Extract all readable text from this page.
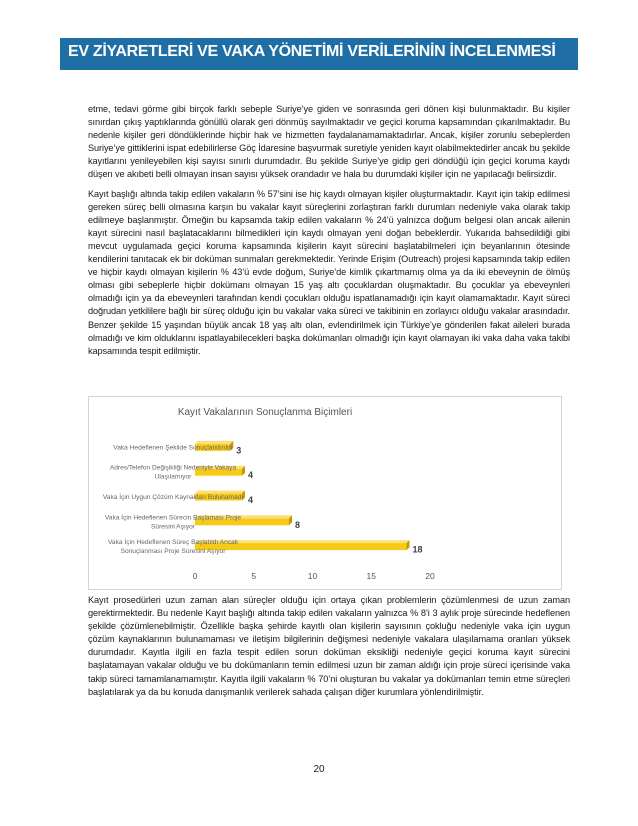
EV ZİYARETLERİ VE VAKA YÖNETİMİ VERİLERİNİN İNCELENMESİ

etme, tedavi görme gibi birçok farklı sebeple Suriye’ye giden ve sonrasında geri dönen kişi bulunmaktadır. Bu kişiler sınırdan çıkış yaptıklarında gönüllü olarak geri dönmüş sayılmaktadır ve geçici koruma kapsamından çıkarılmaktadır. Bu nedenle kişiler geri döndüklerinde hiçbir hak ve hizmetten faydalanamamaktadırlar. Ancak, kişiler zorunlu sebeplerden Suriye’ye gittiklerini ispat edebilirlerse Göç İdaresine başvurmak suretiyle yeniden kayıt olabilmektedirler ancak bu şekilde kayıtlarını yenileyebilen kişi sayısı sınırlı durumdadır. Bu şekilde Suriye’ye gidip geri döndüğü için geçici koruma kaydı düşen ve akıbeti belli olmayan insan sayısı yüksek orandadır ve hala bu durumdaki kişiler için ne yapılacağı belirsizdir.

Kayıt başlığı altında takip edilen vakaların % 57’sini ise hiç kaydı olmayan kişiler oluşturmaktadır. Kayıt için takip edilmesi gereken süreç belli olmasına karşın bu vakalar kayıt süreçlerini zorlaştıran farklı durumları nedeniyle vaka olarak takip edilmeye başlanmıştır. Örneğin bu kapsamda takip edilen vakaların % 24’ü yalnızca doğum belgesi olan ancak ailenin kayıt sürecini nasıl başlatacaklarını bilmedikleri için kaydı olmayan yeni doğan bebeklerdir. Yukarıda bahsedildiği gibi mevcut uygulamada geçici koruma kapsamında kişilerin kayıt sürecini başlatabilmeleri için beyanlarının ötesinde kendilerini tanıtacak ek bir doküman sunmaları gerekmektedir. Yerinde Erişim (Outreach) projesi kapsamında takip edilen ve hiçbir kaydı olmayan kişilerin % 43’ü evde doğum, Suriye’de kimlik çıkartmamış olma ya da iki ebeveynin de ölmüş olması gibi sebeplerle hiçbir dokümanı olmayan 15 yaş altı çocuklardan oluşmaktadır. Bu çocuklar ya ebeveynleri olmadığı için ya da ebeveynleri tarafından kendi çocukları olduğu ispatlanamadığı için kayıt olamamaktadır. Kayıt süreci doğrudan yetkililere bağlı bir süreç olduğu için bu vakalar vaka süreci ve takibinin en zorlayıcı olduğu vakalar arasındadır. Benzer şekilde 15 yaşından büyük ancak 18 yaş altı olan, evlendirilmek için Türkiye’ye gönderilen fakat aileleri burada olmadığı ve kim olduklarını ispatlayabilecekleri başka dokümanları olmadığı için kayıt olamayan iki vaka daha vaka takibi kapsamında tespit edilmiştir.

Kayıt Vakalarının Sonuçlanma Biçimleri
0	5	10	15	20
3
Vaka Hedeflenen Şekilde Sonuçlandırıldı
4
Adres/Telefon Değişikliği Nedeniyle Vakaya Ulaşılamıyor
4
Vaka İçin Uygun Çözüm Kaynakları Bulunamadı
8
Vaka İçin Hedeflenen Sürecin Başlaması Proje Süresini Aşıyor
18
Vaka İçin Hedeflenen Süreç Başlatıldı Ancak Sonuçlanması Proje Süresini Aşıyor

Kayıt prosedürleri uzun zaman alan süreçler olduğu için ortaya çıkan problemlerin çözümlenmesi de uzun zaman gerektirmektedir. Bu nedenle Kayıt başlığı altında takip edilen vakaların yalnızca % 8’i 3 aylık proje sürecinde hedeflenen şekilde çözümlenebilmiştir. Özellikle başka şehirde kayıtlı olan kişilerin sayısının çokluğu nedeniyle vaka için uygun çözüm kaynaklarının bulunamaması ve iletişim bilgilerinin değişmesi nedeniyle vakalara ulaşılamama oranları yüksek durumdadır. Kayıtla ilgili en fazla tespit edilen sorun doküman eksikliği nedeniyle geçici koruma kayıt sürecini başlatamayan vakalar olduğu ve bu dokümanların temin edilmesi uzun bir zaman aldığı için proje süreci içerisinde vaka takip süreci tamamlanamamıştır. Kayıtla ilgili vakaların % 70’ni oluşturan bu vakalar ya dokümanları temin etme süreçleri başlatılarak ya da bu konuda danışmanlık verilerek sahada çalışan diğer kurumlara yönlendirilmiştir.

20
